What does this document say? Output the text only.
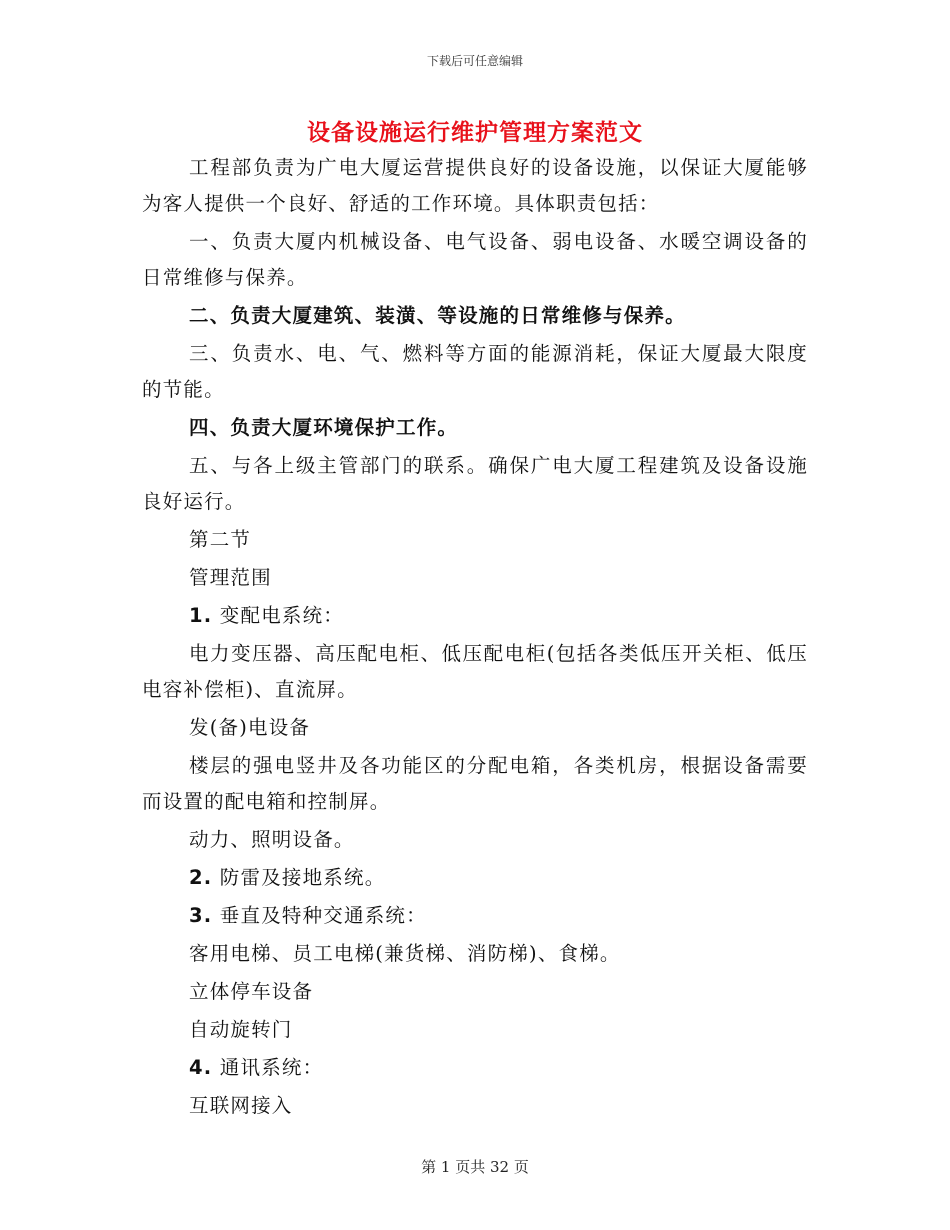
下载后可任意编辑
设备设施运行维护管理方案范文

工程部负责为广电大厦运营提供良好的设备设施，以保证大厦能够为客人提供一个良好、舒适的工作环境。具体职责包括：

一、负责大厦内机械设备、电气设备、弱电设备、水暖空调设备的日常维修与保养。

二、负责大厦建筑、装潢、等设施的日常维修与保养。

三、负责水、电、气、燃料等方面的能源消耗，保证大厦最大限度的节能。

四、负责大厦环境保护工作。

五、与各上级主管部门的联系。确保广电大厦工程建筑及设备设施良好运行。

第二节

管理范围

1. 变配电系统：

电力变压器、高压配电柜、低压配电柜(包括各类低压开关柜、低压电容补偿柜)、直流屏。

发(备)电设备

楼层的强电竖井及各功能区的分配电箱，各类机房，根据设备需要而设置的配电箱和控制屏。

动力、照明设备。

2. 防雷及接地系统。

3. 垂直及特种交通系统：

客用电梯、员工电梯(兼货梯、消防梯)、食梯。

立体停车设备

自动旋转门

4. 通讯系统：

互联网接入

第 1 页共 32 页
